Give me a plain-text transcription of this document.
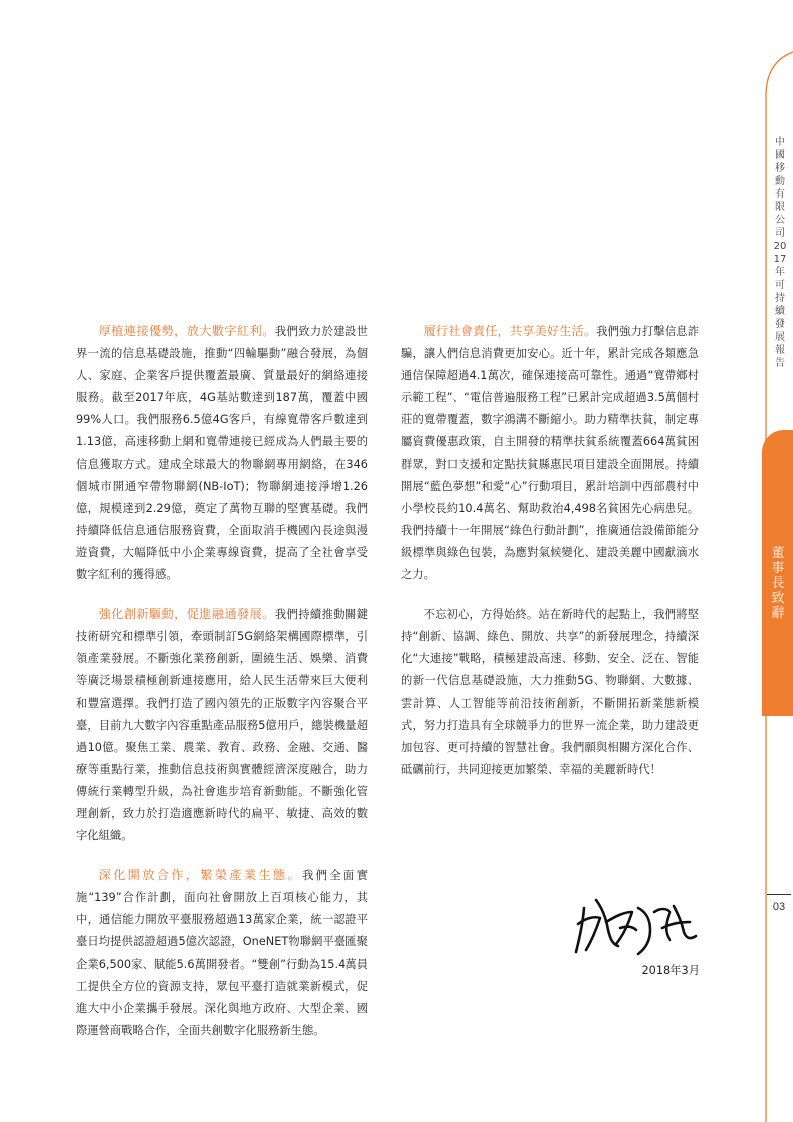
中國移動有限公司2017年可持續發展報告
董事長致辭
03

厚植連接優勢，放大數字紅利。我們致力於建設世界一流的信息基礎設施，推動“四輪驅動”融合發展，為個人、家庭、企業客戶提供覆蓋最廣、質量最好的網絡連接服務。截至2017年底，4G基站數達到187萬，覆蓋中國99%人口。我們服務6.5億4G客戶，有線寬帶客戶數達到1.13億，高速移動上網和寬帶連接已經成為人們最主要的信息獲取方式。建成全球最大的物聯網專用網絡，在346個城市開通窄帶物聯網(NB-IoT)；物聯網連接淨增1.26億，規模達到2.29億，奠定了萬物互聯的堅實基礎。我們持續降低信息通信服務資費，全面取消手機國內長途與漫遊資費，大幅降低中小企業專線資費，提高了全社會享受數字紅利的獲得感。

強化創新驅動，促進融通發展。我們持續推動關鍵技術研究和標準引領，牽頭制訂5G網絡架構國際標準，引領產業發展。不斷強化業務創新，圍繞生活、娛樂、消費等廣泛場景積極創新連接應用，給人民生活帶來巨大便利和豐富選擇。我們打造了國內領先的正版數字內容聚合平臺，目前九大數字內容重點產品服務5億用戶，總裝機量超過10億。聚焦工業、農業、教育、政務、金融、交通、醫療等重點行業，推動信息技術與實體經濟深度融合，助力傳統行業轉型升級，為社會進步培育新動能。不斷強化管理創新，致力於打造適應新時代的扁平、敏捷、高效的數字化組織。

深化開放合作，繁榮產業生態。我們全面實施“139”合作計劃，面向社會開放上百項核心能力，其中，通信能力開放平臺服務超過13萬家企業，統一認證平臺日均提供認證超過5億次認證，OneNET物聯網平臺匯聚企業6,500家、賦能5.6萬開發者。“雙創”行動為15.4萬員工提供全方位的資源支持，眾包平臺打造就業新模式，促進大中小企業攜手發展。深化與地方政府、大型企業、國際運營商戰略合作，全面共創數字化服務新生態。

履行社會責任，共享美好生活。我們強力打擊信息詐騙，讓人們信息消費更加安心。近十年，累計完成各類應急通信保障超過4.1萬次，確保連接高可靠性。通過“寬帶鄉村示範工程”、“電信普遍服務工程”已累計完成超過3.5萬個村莊的寬帶覆蓋，數字鴻溝不斷縮小。助力精準扶貧，制定專屬資費優惠政策，自主開發的精準扶貧系統覆蓋664萬貧困群眾，對口支援和定點扶貧縣惠民項目建設全面開展。持續開展“藍色夢想”和愛“心”行動項目，累計培訓中西部農村中小學校長約10.4萬名、幫助救治4,498名貧困先心病患兒。我們持續十一年開展“綠色行動計劃”，推廣通信設備節能分級標準與綠色包裝，為應對氣候變化、建設美麗中國獻滴水之力。

不忘初心，方得始終。站在新時代的起點上，我們將堅持“創新、協調、綠色、開放、共享”的新發展理念，持續深化“大連接”戰略，積極建設高速、移動、安全、泛在、智能的新一代信息基礎設施，大力推動5G、物聯網、大數據、雲計算、人工智能等前沿技術創新，不斷開拓新業態新模式，努力打造具有全球競爭力的世界一流企業，助力建設更加包容、更可持續的智慧社會。我們願與相關方深化合作、砥礪前行，共同迎接更加繁榮、幸福的美麗新時代！

2018年3月
